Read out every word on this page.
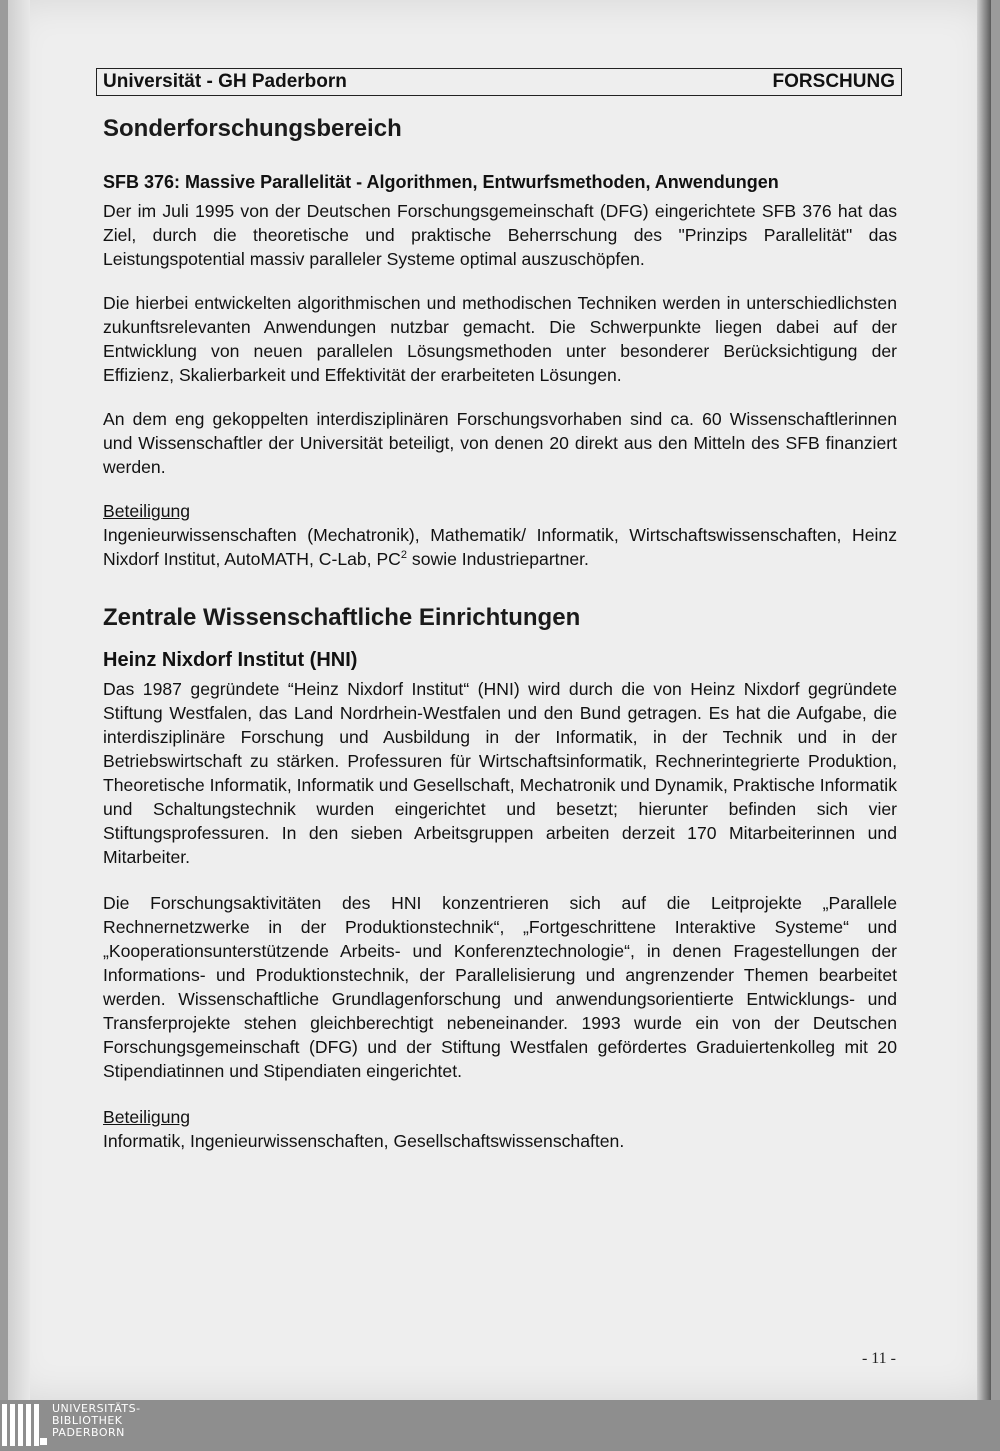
Universität - GH Paderborn	FORSCHUNG
Sonderforschungsbereich
SFB 376: Massive Parallelität - Algorithmen, Entwurfsmethoden, Anwendungen

Der im Juli 1995 von der Deutschen Forschungsgemeinschaft (DFG) eingerichtete SFB 376 hat das Ziel, durch die theoretische und praktische Beherrschung des "Prinzips Parallelität" das Leistungspotential massiv paralleler Systeme optimal auszuschöpfen.

Die hierbei entwickelten algorithmischen und methodischen Techniken werden in unterschiedlichsten zukunftsrelevanten Anwendungen nutzbar gemacht. Die Schwerpunkte liegen dabei auf der Entwicklung von neuen parallelen Lösungsmethoden unter besonderer Berücksichtigung der Effizienz, Skalierbarkeit und Effektivität der erarbeiteten Lösungen.

An dem eng gekoppelten interdisziplinären Forschungsvorhaben sind ca. 60 Wissenschaftlerinnen und Wissenschaftler der Universität beteiligt, von denen 20 direkt aus den Mitteln des SFB finanziert werden.

Beteiligung

Ingenieurwissenschaften (Mechatronik), Mathematik/ Informatik, Wirtschaftswissenschaften, Heinz Nixdorf Institut, AutoMATH, C-Lab, $PC^2$ sowie Industriepartner.

Zentrale Wissenschaftliche Einrichtungen
Heinz Nixdorf Institut (HNI)

Das 1987 gegründete “Heinz Nixdorf Institut“ (HNI) wird durch die von Heinz Nixdorf gegründete Stiftung Westfalen, das Land Nordrhein-Westfalen und den Bund getragen. Es hat die Aufgabe, die interdisziplinäre Forschung und Ausbildung in der Informatik, in der Technik und in der Betriebswirtschaft zu stärken. Professuren für Wirtschaftsinformatik, Rechnerintegrierte Produktion, Theoretische Informatik, Informatik und Gesellschaft, Mechatronik und Dynamik, Praktische Informatik und Schaltungstechnik wurden eingerichtet und besetzt; hierunter befinden sich vier Stiftungsprofessuren. In den sieben Arbeitsgruppen arbeiten derzeit 170 Mitarbeiterinnen und Mitarbeiter.

Die Forschungsaktivitäten des HNI konzentrieren sich auf die Leitprojekte „Parallele Rechnernetzwerke in der Produktionstechnik“, „Fortgeschrittene Interaktive Systeme“ und „Kooperationsunterstützende Arbeits- und Konferenztechnologie“, in denen Fragestellungen der Informations- und Produktionstechnik, der Parallelisierung und angrenzender Themen bearbeitet werden. Wissenschaftliche Grundlagenforschung und anwendungsorientierte Entwicklungs- und Transferprojekte stehen gleichberechtigt nebeneinander. 1993 wurde ein von der Deutschen Forschungsgemeinschaft (DFG) und der Stiftung Westfalen gefördertes Graduiertenkolleg mit 20 Stipendiatinnen und Stipendiaten eingerichtet.

Beteiligung

Informatik, Ingenieurwissenschaften, Gesellschaftswissenschaften.

- 11 -
UNIVERSITÄTS-
BIBLIOTHEK
PADERBORN
